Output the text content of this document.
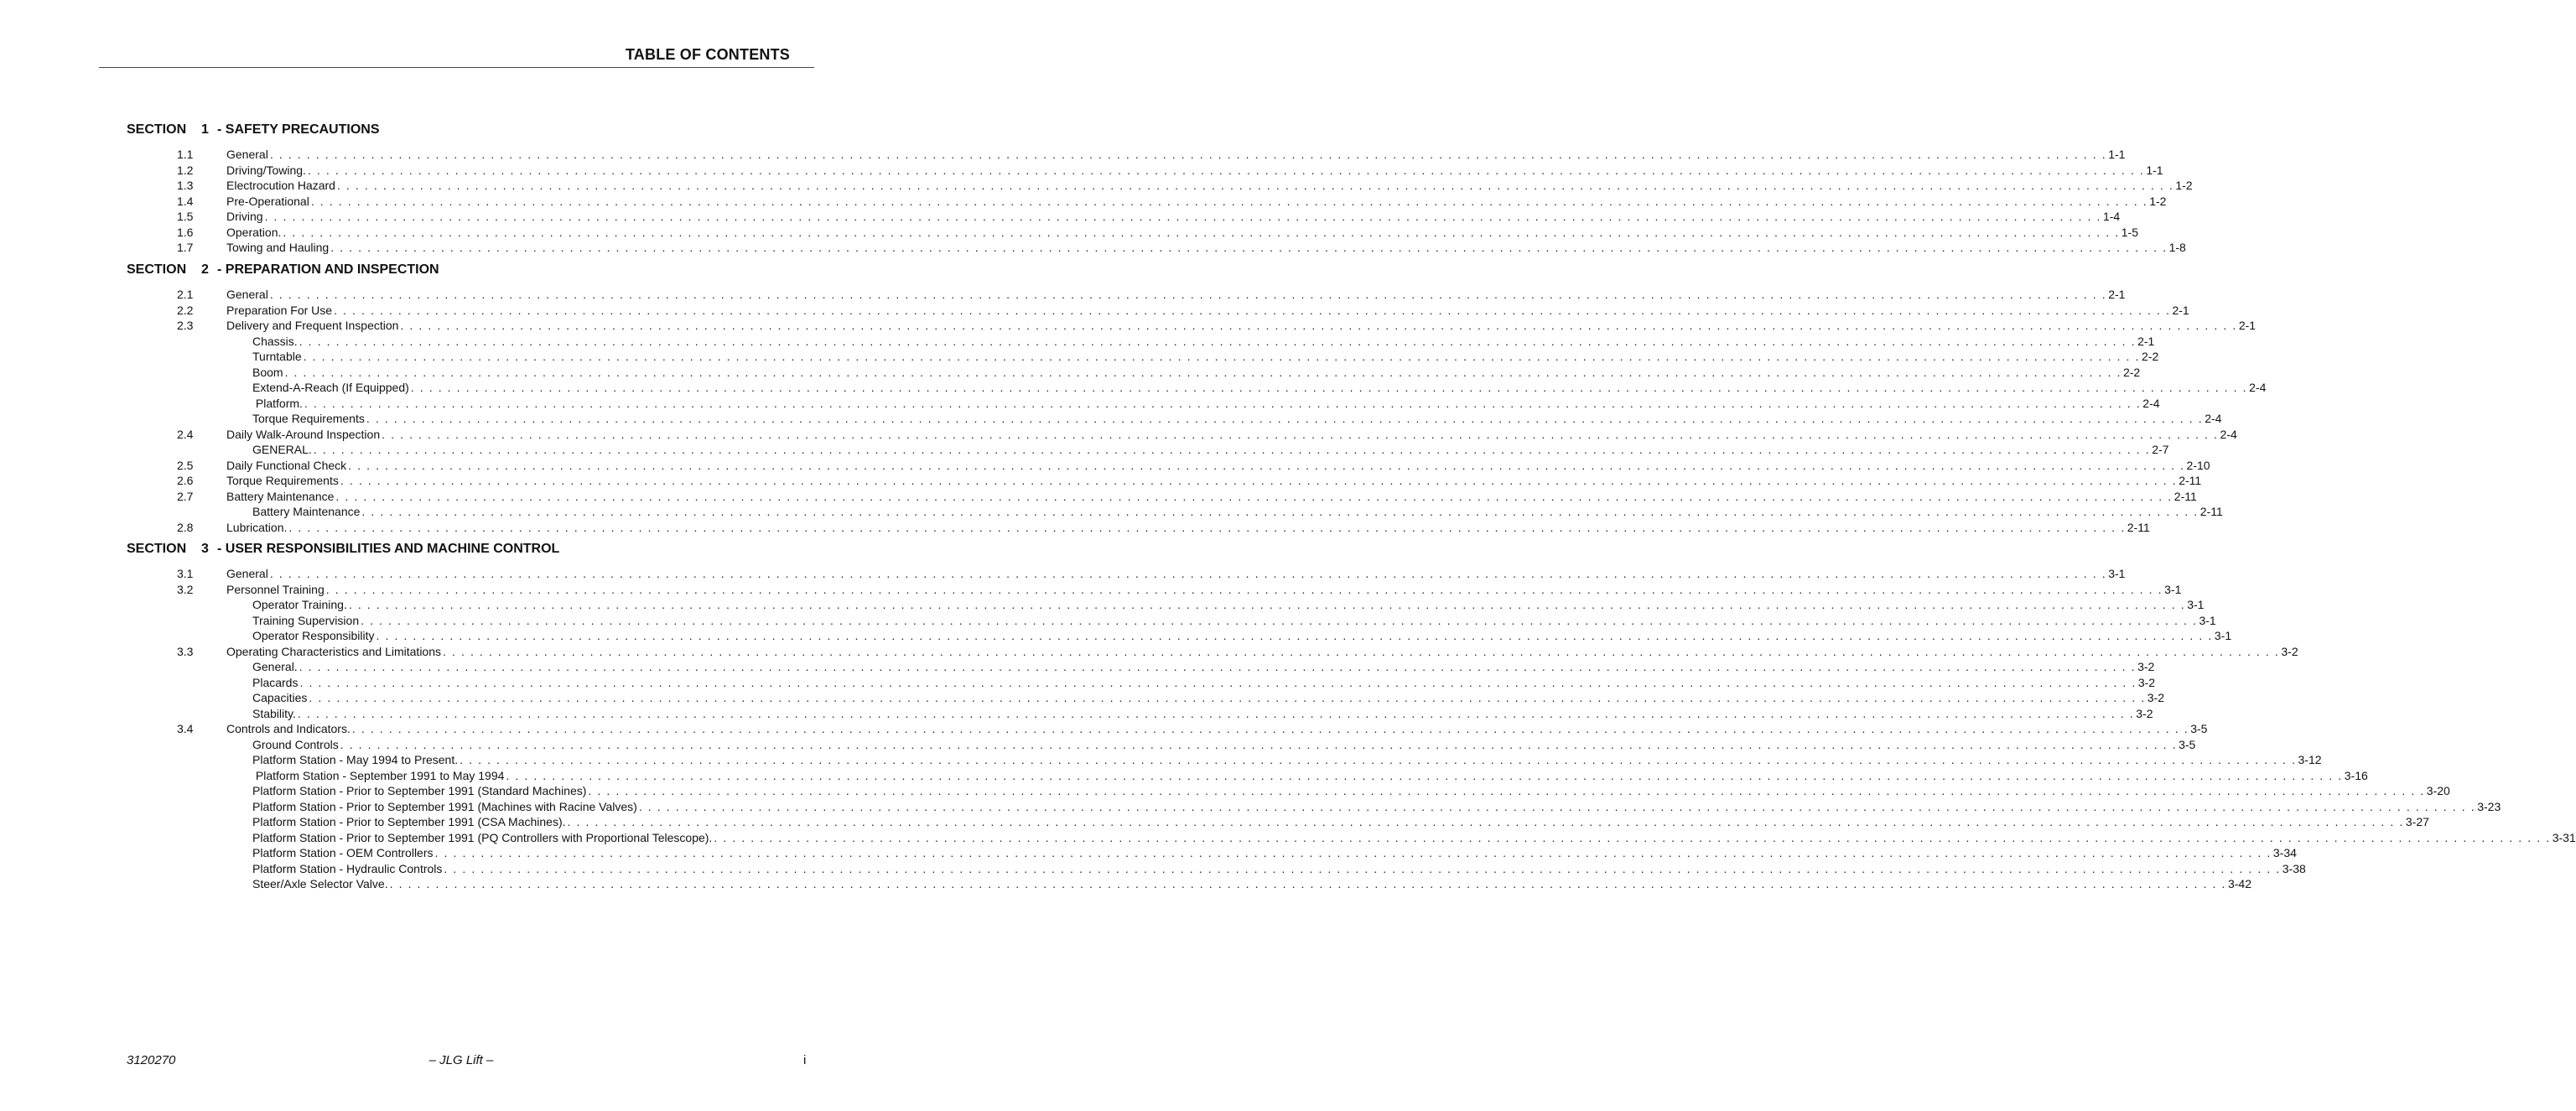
TABLE OF CONTENTS
SECTION 1 - SAFETY PRECAUTIONS
1.1	General . . . . . . . . . . . . . . . . . . . . . . . . . . . . . . . . . . . . . . . . . . . . . . . . . . . . . . . . . . . . . . . . . . . . . . . . . . . . . . . . . . . . . . . . . . . . . . . . . . . . . . . . . . . . . . . . . . . . . . . . . . . . . . . . . . . . . . . . . . . . . . . . . . . . . . . . . . . . . . . . . . . . . . . . . . . . . . . . . . . . . . . . . . . . . . . . . . . . . . . . 1-1
1.2	Driving/Towing. . . . . . . . . . . . . . . . . . . . . . . . . . . . . . . . . . . . . . . . . . . . . . . . . . . . . . . . . . . . . . . . . . . . . . . . . . . . . . . . . . . . . . . . . . . . . . . . . . . . . . . . . . . . . . . . . . . . . . . . . . . . . . . . . . . . . . . . . . . . . . . . . . . . . . . . . . . . . . . . . . . . . . . . . . . . . . . . . . . . . . . . . . . . . . . . . . . . . . . . . 1-1
1.3	Electrocution Hazard . . . . . . . . . . . . . . . . . . . . . . . . . . . . . . . . . . . . . . . . . . . . . . . . . . . . . . . . . . . . . . . . . . . . . . . . . . . . . . . . . . . . . . . . . . . . . . . . . . . . . . . . . . . . . . . . . . . . . . . . . . . . . . . . . . . . . . . . . . . . . . . . . . . . . . . . . . . . . . . . . . . . . . . . . . . . . . . . . . . . . . . . . . . . . . . . . . . . . . . . 1-2
1.4	Pre-Operational . . . . . . . . . . . . . . . . . . . . . . . . . . . . . . . . . . . . . . . . . . . . . . . . . . . . . . . . . . . . . . . . . . . . . . . . . . . . . . . . . . . . . . . . . . . . . . . . . . . . . . . . . . . . . . . . . . . . . . . . . . . . . . . . . . . . . . . . . . . . . . . . . . . . . . . . . . . . . . . . . . . . . . . . . . . . . . . . . . . . . . . . . . . . . . . . . . . . . . . . 1-2
1.5	Driving . . . . . . . . . . . . . . . . . . . . . . . . . . . . . . . . . . . . . . . . . . . . . . . . . . . . . . . . . . . . . . . . . . . . . . . . . . . . . . . . . . . . . . . . . . . . . . . . . . . . . . . . . . . . . . . . . . . . . . . . . . . . . . . . . . . . . . . . . . . . . . . . . . . . . . . . . . . . . . . . . . . . . . . . . . . . . . . . . . . . . . . . . . . . . . . . . . . . . . . . 1-4
1.6	Operation. . . . . . . . . . . . . . . . . . . . . . . . . . . . . . . . . . . . . . . . . . . . . . . . . . . . . . . . . . . . . . . . . . . . . . . . . . . . . . . . . . . . . . . . . . . . . . . . . . . . . . . . . . . . . . . . . . . . . . . . . . . . . . . . . . . . . . . . . . . . . . . . . . . . . . . . . . . . . . . . . . . . . . . . . . . . . . . . . . . . . . . . . . . . . . . . . . . . . . . . . 1-5
1.7	Towing and Hauling . . . . . . . . . . . . . . . . . . . . . . . . . . . . . . . . . . . . . . . . . . . . . . . . . . . . . . . . . . . . . . . . . . . . . . . . . . . . . . . . . . . . . . . . . . . . . . . . . . . . . . . . . . . . . . . . . . . . . . . . . . . . . . . . . . . . . . . . . . . . . . . . . . . . . . . . . . . . . . . . . . . . . . . . . . . . . . . . . . . . . . . . . . . . . . . . . . . . . . . . 1-8
SECTION 2 - PREPARATION AND INSPECTION
2.1	General . . . . . . . . . . . . . . . . . . . . . . . . . . . . . . . . . . . . . . . . . . . . . . . . . . . . . . . . . . . . . . . . . . . . . . . . . . . . . . . . . . . . . . . . . . . . . . . . . . . . . . . . . . . . . . . . . . . . . . . . . . . . . . . . . . . . . . . . . . . . . . . . . . . . . . . . . . . . . . . . . . . . . . . . . . . . . . . . . . . . . . . . . . . . . . . . . . . . . . . . 2-1
2.2	Preparation For Use . . . . . . . . . . . . . . . . . . . . . . . . . . . . . . . . . . . . . . . . . . . . . . . . . . . . . . . . . . . . . . . . . . . . . . . . . . . . . . . . . . . . . . . . . . . . . . . . . . . . . . . . . . . . . . . . . . . . . . . . . . . . . . . . . . . . . . . . . . . . . . . . . . . . . . . . . . . . . . . . . . . . . . . . . . . . . . . . . . . . . . . . . . . . . . . . . . . . . . . . 2-1
2.3	Delivery and Frequent Inspection . . . . . . . . . . . . . . . . . . . . . . . . . . . . . . . . . . . . . . . . . . . . . . . . . . . . . . . . . . . . . . . . . . . . . . . . . . . . . . . . . . . . . . . . . . . . . . . . . . . . . . . . . . . . . . . . . . . . . . . . . . . . . . . . . . . . . . . . . . . . . . . . . . . . . . . . . . . . . . . . . . . . . . . . . . . . . . . . . . . . . . . . . . . . . . . . . . . . . . . . 2-1
Chassis. . . . . . . . . . . . . . . . . . . . . . . . . . . . . . . . . . . . . . . . . . . . . . . . . . . . . . . . . . . . . . . . . . . . . . . . . . . . . . . . . . . . . . . . . . . . . . . . . . . . . . . . . . . . . . . . . . . . . . . . . . . . . . . . . . . . . . . . . . . . . . . . . . . . . . . . . . . . . . . . . . . . . . . . . . . . . . . . . . . . . . . . . . . . . . . . . . . . . . . . . 2-1
Turntable . . . . . . . . . . . . . . . . . . . . . . . . . . . . . . . . . . . . . . . . . . . . . . . . . . . . . . . . . . . . . . . . . . . . . . . . . . . . . . . . . . . . . . . . . . . . . . . . . . . . . . . . . . . . . . . . . . . . . . . . . . . . . . . . . . . . . . . . . . . . . . . . . . . . . . . . . . . . . . . . . . . . . . . . . . . . . . . . . . . . . . . . . . . . . . . . . . . . . . . . 2-2
Boom . . . . . . . . . . . . . . . . . . . . . . . . . . . . . . . . . . . . . . . . . . . . . . . . . . . . . . . . . . . . . . . . . . . . . . . . . . . . . . . . . . . . . . . . . . . . . . . . . . . . . . . . . . . . . . . . . . . . . . . . . . . . . . . . . . . . . . . . . . . . . . . . . . . . . . . . . . . . . . . . . . . . . . . . . . . . . . . . . . . . . . . . . . . . . . . . . . . . . . . . 2-2
Extend-A-Reach (If Equipped) . . . . . . . . . . . . . . . . . . . . . . . . . . . . . . . . . . . . . . . . . . . . . . . . . . . . . . . . . . . . . . . . . . . . . . . . . . . . . . . . . . . . . . . . . . . . . . . . . . . . . . . . . . . . . . . . . . . . . . . . . . . . . . . . . . . . . . . . . . . . . . . . . . . . . . . . . . . . . . . . . . . . . . . . . . . . . . . . . . . . . . . . . . . . . . . . . . . . . . . . 2-4
Platform. . . . . . . . . . . . . . . . . . . . . . . . . . . . . . . . . . . . . . . . . . . . . . . . . . . . . . . . . . . . . . . . . . . . . . . . . . . . . . . . . . . . . . . . . . . . . . . . . . . . . . . . . . . . . . . . . . . . . . . . . . . . . . . . . . . . . . . . . . . . . . . . . . . . . . . . . . . . . . . . . . . . . . . . . . . . . . . . . . . . . . . . . . . . . . . . . . . . . . . . . 2-4
Torque Requirements . . . . . . . . . . . . . . . . . . . . . . . . . . . . . . . . . . . . . . . . . . . . . . . . . . . . . . . . . . . . . . . . . . . . . . . . . . . . . . . . . . . . . . . . . . . . . . . . . . . . . . . . . . . . . . . . . . . . . . . . . . . . . . . . . . . . . . . . . . . . . . . . . . . . . . . . . . . . . . . . . . . . . . . . . . . . . . . . . . . . . . . . . . . . . . . . . . . . . . . . 2-4
2.4	Daily Walk-Around Inspection . . . . . . . . . . . . . . . . . . . . . . . . . . . . . . . . . . . . . . . . . . . . . . . . . . . . . . . . . . . . . . . . . . . . . . . . . . . . . . . . . . . . . . . . . . . . . . . . . . . . . . . . . . . . . . . . . . . . . . . . . . . . . . . . . . . . . . . . . . . . . . . . . . . . . . . . . . . . . . . . . . . . . . . . . . . . . . . . . . . . . . . . . . . . . . . . . . . . . . . . 2-4
GENERAL. . . . . . . . . . . . . . . . . . . . . . . . . . . . . . . . . . . . . . . . . . . . . . . . . . . . . . . . . . . . . . . . . . . . . . . . . . . . . . . . . . . . . . . . . . . . . . . . . . . . . . . . . . . . . . . . . . . . . . . . . . . . . . . . . . . . . . . . . . . . . . . . . . . . . . . . . . . . . . . . . . . . . . . . . . . . . . . . . . . . . . . . . . . . . . . . . . . . . . . . . 2-7
2.5	Daily Functional Check . . . . . . . . . . . . . . . . . . . . . . . . . . . . . . . . . . . . . . . . . . . . . . . . . . . . . . . . . . . . . . . . . . . . . . . . . . . . . . . . . . . . . . . . . . . . . . . . . . . . . . . . . . . . . . . . . . . . . . . . . . . . . . . . . . . . . . . . . . . . . . . . . . . . . . . . . . . . . . . . . . . . . . . . . . . . . . . . . . . . . . . . . . . . . . . . . . . . . . . . 2-10
2.6	Torque Requirements . . . . . . . . . . . . . . . . . . . . . . . . . . . . . . . . . . . . . . . . . . . . . . . . . . . . . . . . . . . . . . . . . . . . . . . . . . . . . . . . . . . . . . . . . . . . . . . . . . . . . . . . . . . . . . . . . . . . . . . . . . . . . . . . . . . . . . . . . . . . . . . . . . . . . . . . . . . . . . . . . . . . . . . . . . . . . . . . . . . . . . . . . . . . . . . . . . . . . . . . 2-11
2.7	Battery Maintenance . . . . . . . . . . . . . . . . . . . . . . . . . . . . . . . . . . . . . . . . . . . . . . . . . . . . . . . . . . . . . . . . . . . . . . . . . . . . . . . . . . . . . . . . . . . . . . . . . . . . . . . . . . . . . . . . . . . . . . . . . . . . . . . . . . . . . . . . . . . . . . . . . . . . . . . . . . . . . . . . . . . . . . . . . . . . . . . . . . . . . . . . . . . . . . . . . . . . . . . . 2-11
Battery Maintenance . . . . . . . . . . . . . . . . . . . . . . . . . . . . . . . . . . . . . . . . . . . . . . . . . . . . . . . . . . . . . . . . . . . . . . . . . . . . . . . . . . . . . . . . . . . . . . . . . . . . . . . . . . . . . . . . . . . . . . . . . . . . . . . . . . . . . . . . . . . . . . . . . . . . . . . . . . . . . . . . . . . . . . . . . . . . . . . . . . . . . . . . . . . . . . . . . . . . . . . . 2-11
2.8	Lubrication. . . . . . . . . . . . . . . . . . . . . . . . . . . . . . . . . . . . . . . . . . . . . . . . . . . . . . . . . . . . . . . . . . . . . . . . . . . . . . . . . . . . . . . . . . . . . . . . . . . . . . . . . . . . . . . . . . . . . . . . . . . . . . . . . . . . . . . . . . . . . . . . . . . . . . . . . . . . . . . . . . . . . . . . . . . . . . . . . . . . . . . . . . . . . . . . . . . . . . . . . 2-11
SECTION 3 - USER RESPONSIBILITIES AND MACHINE CONTROL
3.1	General . . . . . . . . . . . . . . . . . . . . . . . . . . . . . . . . . . . . . . . . . . . . . . . . . . . . . . . . . . . . . . . . . . . . . . . . . . . . . . . . . . . . . . . . . . . . . . . . . . . . . . . . . . . . . . . . . . . . . . . . . . . . . . . . . . . . . . . . . . . . . . . . . . . . . . . . . . . . . . . . . . . . . . . . . . . . . . . . . . . . . . . . . . . . . . . . . . . . . . . . 3-1
3.2	Personnel Training . . . . . . . . . . . . . . . . . . . . . . . . . . . . . . . . . . . . . . . . . . . . . . . . . . . . . . . . . . . . . . . . . . . . . . . . . . . . . . . . . . . . . . . . . . . . . . . . . . . . . . . . . . . . . . . . . . . . . . . . . . . . . . . . . . . . . . . . . . . . . . . . . . . . . . . . . . . . . . . . . . . . . . . . . . . . . . . . . . . . . . . . . . . . . . . . . . . . . . . . 3-1
Operator Training. . . . . . . . . . . . . . . . . . . . . . . . . . . . . . . . . . . . . . . . . . . . . . . . . . . . . . . . . . . . . . . . . . . . . . . . . . . . . . . . . . . . . . . . . . . . . . . . . . . . . . . . . . . . . . . . . . . . . . . . . . . . . . . . . . . . . . . . . . . . . . . . . . . . . . . . . . . . . . . . . . . . . . . . . . . . . . . . . . . . . . . . . . . . . . . . . . . . . . . . . 3-1
Training Supervision . . . . . . . . . . . . . . . . . . . . . . . . . . . . . . . . . . . . . . . . . . . . . . . . . . . . . . . . . . . . . . . . . . . . . . . . . . . . . . . . . . . . . . . . . . . . . . . . . . . . . . . . . . . . . . . . . . . . . . . . . . . . . . . . . . . . . . . . . . . . . . . . . . . . . . . . . . . . . . . . . . . . . . . . . . . . . . . . . . . . . . . . . . . . . . . . . . . . . . . . 3-1
Operator Responsibility . . . . . . . . . . . . . . . . . . . . . . . . . . . . . . . . . . . . . . . . . . . . . . . . . . . . . . . . . . . . . . . . . . . . . . . . . . . . . . . . . . . . . . . . . . . . . . . . . . . . . . . . . . . . . . . . . . . . . . . . . . . . . . . . . . . . . . . . . . . . . . . . . . . . . . . . . . . . . . . . . . . . . . . . . . . . . . . . . . . . . . . . . . . . . . . . . . . . . . . . 3-1
3.3	Operating Characteristics and Limitations . . . . . . . . . . . . . . . . . . . . . . . . . . . . . . . . . . . . . . . . . . . . . . . . . . . . . . . . . . . . . . . . . . . . . . . . . . . . . . . . . . . . . . . . . . . . . . . . . . . . . . . . . . . . . . . . . . . . . . . . . . . . . . . . . . . . . . . . . . . . . . . . . . . . . . . . . . . . . . . . . . . . . . . . . . . . . . . . . . . . . . . . . . . . . . . . . . . . . . . . 3-2
General. . . . . . . . . . . . . . . . . . . . . . . . . . . . . . . . . . . . . . . . . . . . . . . . . . . . . . . . . . . . . . . . . . . . . . . . . . . . . . . . . . . . . . . . . . . . . . . . . . . . . . . . . . . . . . . . . . . . . . . . . . . . . . . . . . . . . . . . . . . . . . . . . . . . . . . . . . . . . . . . . . . . . . . . . . . . . . . . . . . . . . . . . . . . . . . . . . . . . . . . . 3-2
Placards . . . . . . . . . . . . . . . . . . . . . . . . . . . . . . . . . . . . . . . . . . . . . . . . . . . . . . . . . . . . . . . . . . . . . . . . . . . . . . . . . . . . . . . . . . . . . . . . . . . . . . . . . . . . . . . . . . . . . . . . . . . . . . . . . . . . . . . . . . . . . . . . . . . . . . . . . . . . . . . . . . . . . . . . . . . . . . . . . . . . . . . . . . . . . . . . . . . . . . . . 3-2
Capacities . . . . . . . . . . . . . . . . . . . . . . . . . . . . . . . . . . . . . . . . . . . . . . . . . . . . . . . . . . . . . . . . . . . . . . . . . . . . . . . . . . . . . . . . . . . . . . . . . . . . . . . . . . . . . . . . . . . . . . . . . . . . . . . . . . . . . . . . . . . . . . . . . . . . . . . . . . . . . . . . . . . . . . . . . . . . . . . . . . . . . . . . . . . . . . . . . . . . . . . . 3-2
Stability. . . . . . . . . . . . . . . . . . . . . . . . . . . . . . . . . . . . . . . . . . . . . . . . . . . . . . . . . . . . . . . . . . . . . . . . . . . . . . . . . . . . . . . . . . . . . . . . . . . . . . . . . . . . . . . . . . . . . . . . . . . . . . . . . . . . . . . . . . . . . . . . . . . . . . . . . . . . . . . . . . . . . . . . . . . . . . . . . . . . . . . . . . . . . . . . . . . . . . . . . 3-2
3.4	Controls and Indicators. . . . . . . . . . . . . . . . . . . . . . . . . . . . . . . . . . . . . . . . . . . . . . . . . . . . . . . . . . . . . . . . . . . . . . . . . . . . . . . . . . . . . . . . . . . . . . . . . . . . . . . . . . . . . . . . . . . . . . . . . . . . . . . . . . . . . . . . . . . . . . . . . . . . . . . . . . . . . . . . . . . . . . . . . . . . . . . . . . . . . . . . . . . . . . . . . . . . . . . . . 3-5
Ground Controls . . . . . . . . . . . . . . . . . . . . . . . . . . . . . . . . . . . . . . . . . . . . . . . . . . . . . . . . . . . . . . . . . . . . . . . . . . . . . . . . . . . . . . . . . . . . . . . . . . . . . . . . . . . . . . . . . . . . . . . . . . . . . . . . . . . . . . . . . . . . . . . . . . . . . . . . . . . . . . . . . . . . . . . . . . . . . . . . . . . . . . . . . . . . . . . . . . . . . . . . 3-5
Platform Station - May 1994 to Present. . . . . . . . . . . . . . . . . . . . . . . . . . . . . . . . . . . . . . . . . . . . . . . . . . . . . . . . . . . . . . . . . . . . . . . . . . . . . . . . . . . . . . . . . . . . . . . . . . . . . . . . . . . . . . . . . . . . . . . . . . . . . . . . . . . . . . . . . . . . . . . . . . . . . . . . . . . . . . . . . . . . . . . . . . . . . . . . . . . . . . . . . . . . . . . . . . . . . . . . . 3-12
Platform Station - September 1991 to May 1994 . . . . . . . . . . . . . . . . . . . . . . . . . . . . . . . . . . . . . . . . . . . . . . . . . . . . . . . . . . . . . . . . . . . . . . . . . . . . . . . . . . . . . . . . . . . . . . . . . . . . . . . . . . . . . . . . . . . . . . . . . . . . . . . . . . . . . . . . . . . . . . . . . . . . . . . . . . . . . . . . . . . . . . . . . . . . . . . . . . . . . . . . . . . . . . . . . . . . . . . . 3-16
Platform Station - Prior to September 1991 (Standard Machines) . . . . . . . . . . . . . . . . . . . . . . . . . . . . . . . . . . . . . . . . . . . . . . . . . . . . . . . . . . . . . . . . . . . . . . . . . . . . . . . . . . . . . . . . . . . . . . . . . . . . . . . . . . . . . . . . . . . . . . . . . . . . . . . . . . . . . . . . . . . . . . . . . . . . . . . . . . . . . . . . . . . . . . . . . . . . . . . . . . . . . . . . . . . . . . . . . . . . . . . . 3-20
Platform Station - Prior to September 1991 (Machines with Racine Valves) . . . . . . . . . . . . . . . . . . . . . . . . . . . . . . . . . . . . . . . . . . . . . . . . . . . . . . . . . . . . . . . . . . . . . . . . . . . . . . . . . . . . . . . . . . . . . . . . . . . . . . . . . . . . . . . . . . . . . . . . . . . . . . . . . . . . . . . . . . . . . . . . . . . . . . . . . . . . . . . . . . . . . . . . . . . . . . . . . . . . . . . . . . . . . . . . . . . . . . . . 3-23
Platform Station - Prior to September 1991 (CSA Machines). . . . . . . . . . . . . . . . . . . . . . . . . . . . . . . . . . . . . . . . . . . . . . . . . . . . . . . . . . . . . . . . . . . . . . . . . . . . . . . . . . . . . . . . . . . . . . . . . . . . . . . . . . . . . . . . . . . . . . . . . . . . . . . . . . . . . . . . . . . . . . . . . . . . . . . . . . . . . . . . . . . . . . . . . . . . . . . . . . . . . . . . . . . . . . . . . . . . . . . . . 3-27
Platform Station - Prior to September 1991 (PQ Controllers with Proportional Telescope). . . . . . . . . . . . . . . . . . . . . . . . . . . . . . . . . . . . . . . . . . . . . . . . . . . . . . . . . . . . . . . . . . . . . . . . . . . . . . . . . . . . . . . . . . . . . . . . . . . . . . . . . . . . . . . . . . . . . . . . . . . . . . . . . . . . . . . . . . . . . . . . . . . . . . . . . . . . . . . . . . . . . . . . . . . . . . . . . . . . . . . . . . . . . . . . . . . . . . . . . 3-31
Platform Station - OEM Controllers . . . . . . . . . . . . . . . . . . . . . . . . . . . . . . . . . . . . . . . . . . . . . . . . . . . . . . . . . . . . . . . . . . . . . . . . . . . . . . . . . . . . . . . . . . . . . . . . . . . . . . . . . . . . . . . . . . . . . . . . . . . . . . . . . . . . . . . . . . . . . . . . . . . . . . . . . . . . . . . . . . . . . . . . . . . . . . . . . . . . . . . . . . . . . . . . . . . . . . . . 3-34
Platform Station - Hydraulic Controls . . . . . . . . . . . . . . . . . . . . . . . . . . . . . . . . . . . . . . . . . . . . . . . . . . . . . . . . . . . . . . . . . . . . . . . . . . . . . . . . . . . . . . . . . . . . . . . . . . . . . . . . . . . . . . . . . . . . . . . . . . . . . . . . . . . . . . . . . . . . . . . . . . . . . . . . . . . . . . . . . . . . . . . . . . . . . . . . . . . . . . . . . . . . . . . . . . . . . . . . 3-38
Steer/Axle Selector Valve. . . . . . . . . . . . . . . . . . . . . . . . . . . . . . . . . . . . . . . . . . . . . . . . . . . . . . . . . . . . . . . . . . . . . . . . . . . . . . . . . . . . . . . . . . . . . . . . . . . . . . . . . . . . . . . . . . . . . . . . . . . . . . . . . . . . . . . . . . . . . . . . . . . . . . . . . . . . . . . . . . . . . . . . . . . . . . . . . . . . . . . . . . . . . . . . . . . . . . . . . 3-42
3120270	– JLG Lift –	i
